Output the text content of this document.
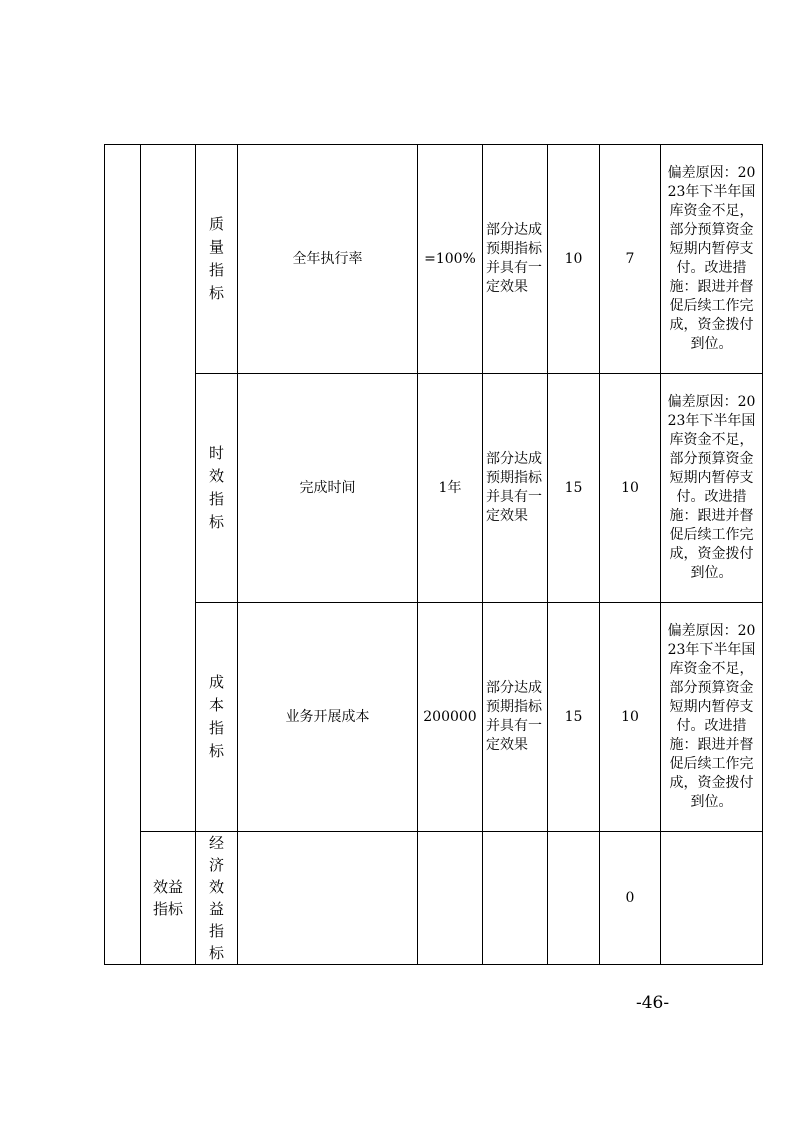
		质量指标	全年执行率	=100%	部分达成预期指标并具有一定效果	10	7	偏差原因：2023年下半年国库资金不足，部分预算资金短期内暂停支付。改进措施：跟进并督促后续工作完成，资金拨付到位。
		时效指标	完成时间	1年	部分达成预期指标并具有一定效果	15	10	偏差原因：2023年下半年国库资金不足，部分预算资金短期内暂停支付。改进措施：跟进并督促后续工作完成，资金拨付到位。
		成本指标	业务开展成本	200000	部分达成预期指标并具有一定效果	15	10	偏差原因：2023年下半年国库资金不足，部分预算资金短期内暂停支付。改进措施：跟进并督促后续工作完成，资金拨付到位。
	效益指标	经济效益指标					0	
-46-
